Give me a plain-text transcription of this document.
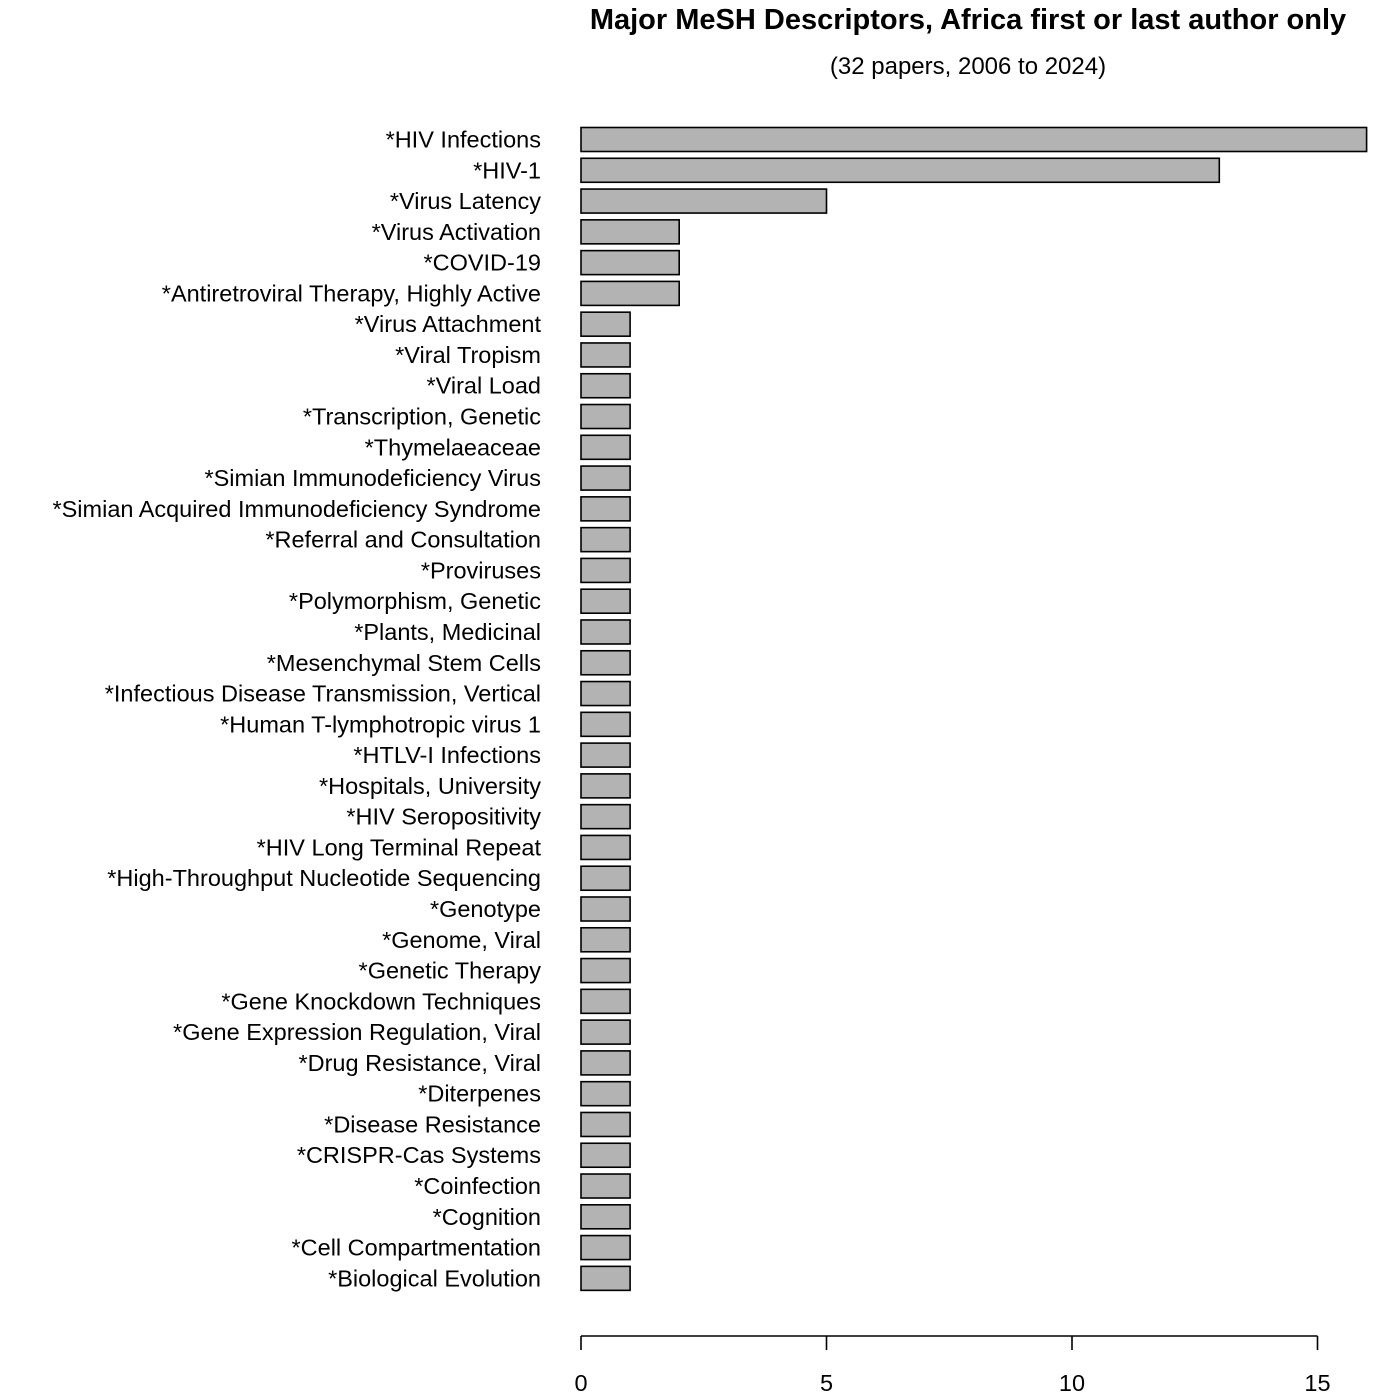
Major MeSH Descriptors, Africa first or last author only
(32 papers, 2006 to 2024)
*HIV Infections
*HIV-1
*Virus Latency
*Virus Activation
*COVID-19
*Antiretroviral Therapy, Highly Active
*Virus Attachment
*Viral Tropism
*Viral Load
*Transcription, Genetic
*Thymelaeaceae
*Simian Immunodeficiency Virus
*Simian Acquired Immunodeficiency Syndrome
*Referral and Consultation
*Proviruses
*Polymorphism, Genetic
*Plants, Medicinal
*Mesenchymal Stem Cells
*Infectious Disease Transmission, Vertical
*Human T-lymphotropic virus 1
*HTLV-I Infections
*Hospitals, University
*HIV Seropositivity
*HIV Long Terminal Repeat
*High-Throughput Nucleotide Sequencing
*Genotype
*Genome, Viral
*Genetic Therapy
*Gene Knockdown Techniques
*Gene Expression Regulation, Viral
*Drug Resistance, Viral
*Diterpenes
*Disease Resistance
*CRISPR-Cas Systems
*Coinfection
*Cognition
*Cell Compartmentation
*Biological Evolution
0	5	10	15
